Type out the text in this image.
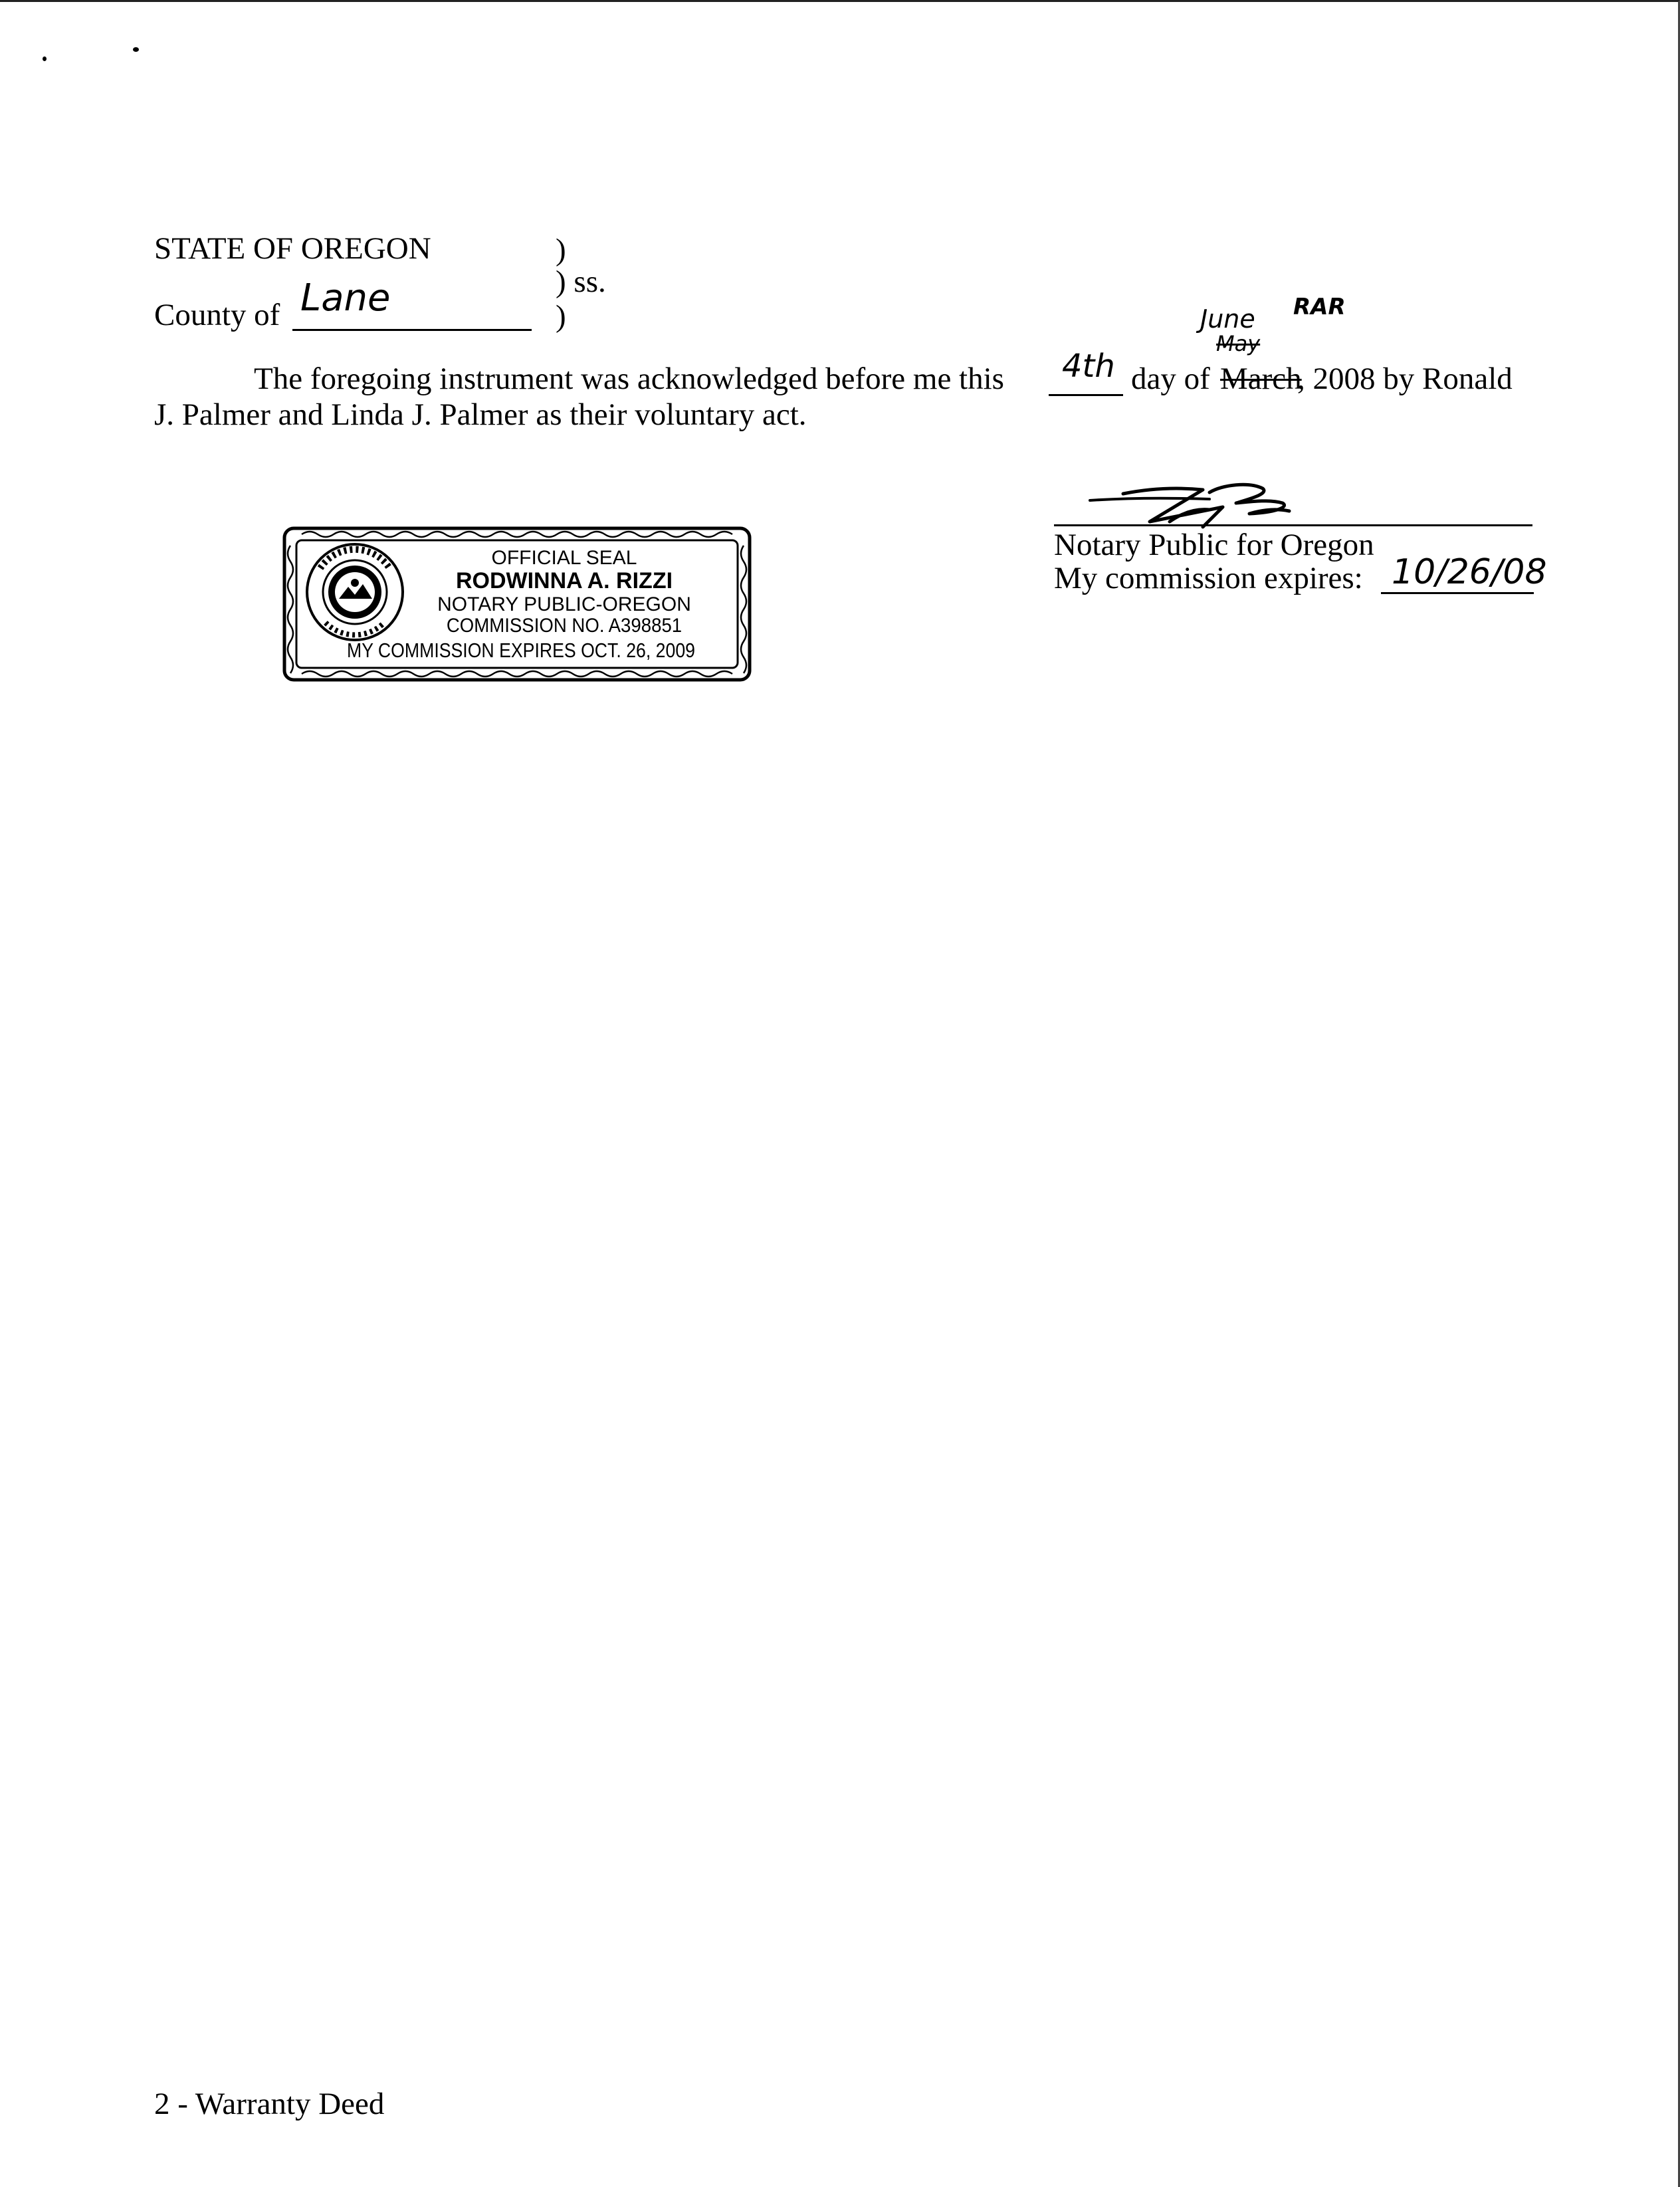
STATE OF OREGON	)
) ss.
)
County of Lane	June
May
RAR
The foregoing instrument was acknowledged before me this 4th day of March
, 2008 by Ronald
J. Palmer and Linda J. Palmer as their voluntary act.
Notary Public for Oregon
My commission expires: 10/26/08
OFFICIAL SEAL
RODWINNA A. RIZZI
NOTARY PUBLIC-OREGON
COMMISSION NO. A398851
MY COMMISSION EXPIRES OCT. 26, 2009
2 - Warranty Deed
